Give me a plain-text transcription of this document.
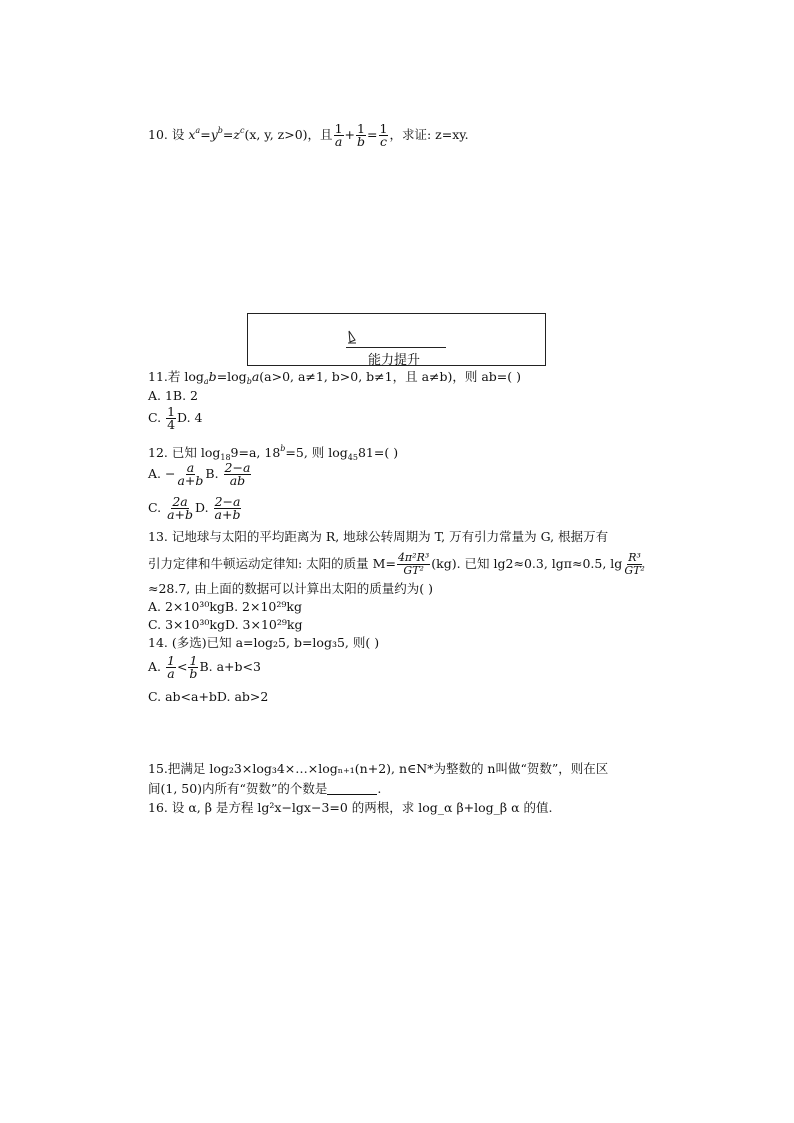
10. 设 $x^a=y^b=z^c(x$, y, z>0)，且 $\frac{1}{a} + \frac{1}{b} = \frac{1}{c}$ ，求证: z=xy.
能力提升
11.若 $\log_ab=\log_ba(a>0$, a≠1, b>0, b≠1，且 a≠b)，则 ab=( )
A. 1B. 2
C. $\frac{1}{4} D$. 4
12. 已知 $\log_{18}9=a$, $18^b=5$, 则 $\log_{45}81=$( )
A. − $\frac{a}{a+b} B$. $\frac{2-a}{ab}$
C. $\frac{2a}{a+b} D$. $\frac{2-a}{a+b}$
13. 记地球与太阳的平均距离为 R, 地球公转周期为 T, 万有引力常量为 G, 根据万有
引力定律和牛顿运动定律知: 太阳的质量 $M= \frac{\text{4π²R³}}{\text{GT²}} (kg)$. 已知 lg2≈0.3, lgπ≈0.5, $\lg \frac{\text{R³}}{\text{GT²}}$
≈28.7, 由上面的数据可以计算出太阳的质量约为( )
A. 2×10³⁰kgB. 2×10²⁹kg
C. 3×10³⁰kgD. 3×10²⁹kg
14. (多选)已知 a=log₂5, b=log₃5, 则( )
A. $\frac{1}{a} < \frac{1}{b} B$. a+b<3
C. ab<a+bD. ab>2
15.把满足 log₂3×log₃4×…×logₙ₊₁(n+2), n∈N*为整数的 n叫做“贺数”，则在区
间(1, 50)内所有“贺数”的个数是	.
16. 设 α, β 是方程 lg²x−lgx−3=0 的两根，求 log_α β+log_β α 的值.
